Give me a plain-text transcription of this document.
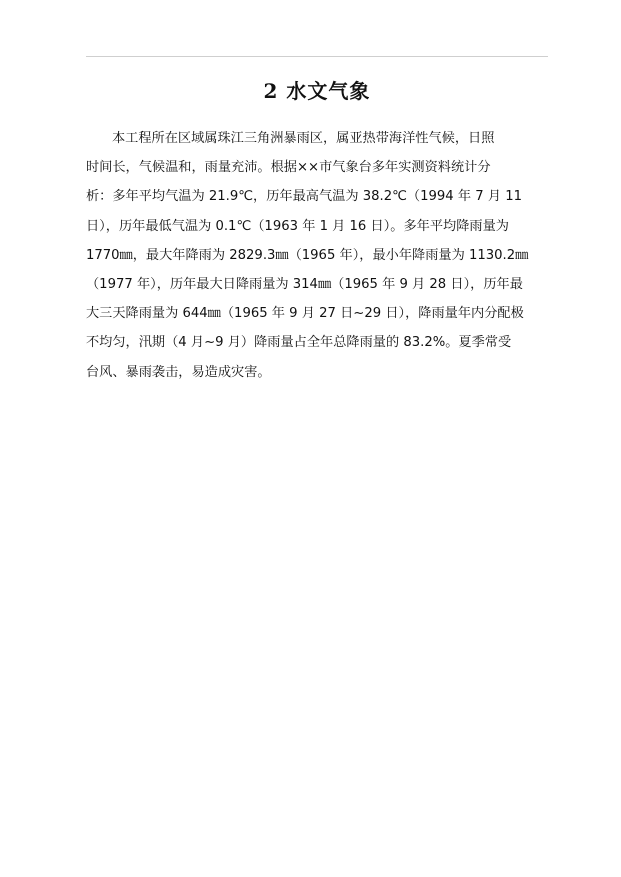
2 水文气象
本工程所在区域属珠江三角洲暴雨区，属亚热带海洋性气候，日照
时间长，气候温和，雨量充沛。根据××市气象台多年实测资料统计分
析：多年平均气温为 21.9℃，历年最高气温为 38.2℃（1994 年 7 月 11
日），历年最低气温为 0.1℃（1963 年 1 月 16 日）。多年平均降雨量为
1770㎜，最大年降雨为 2829.3㎜（1965 年），最小年降雨量为 1130.2㎜
（1977 年），历年最大日降雨量为 314㎜（1965 年 9 月 28 日），历年最
大三天降雨量为 644㎜（1965 年 9 月 27 日~29 日），降雨量年内分配极
不均匀，汛期（4 月~9 月）降雨量占全年总降雨量的 83.2%。夏季常受
台风、暴雨袭击，易造成灾害。
